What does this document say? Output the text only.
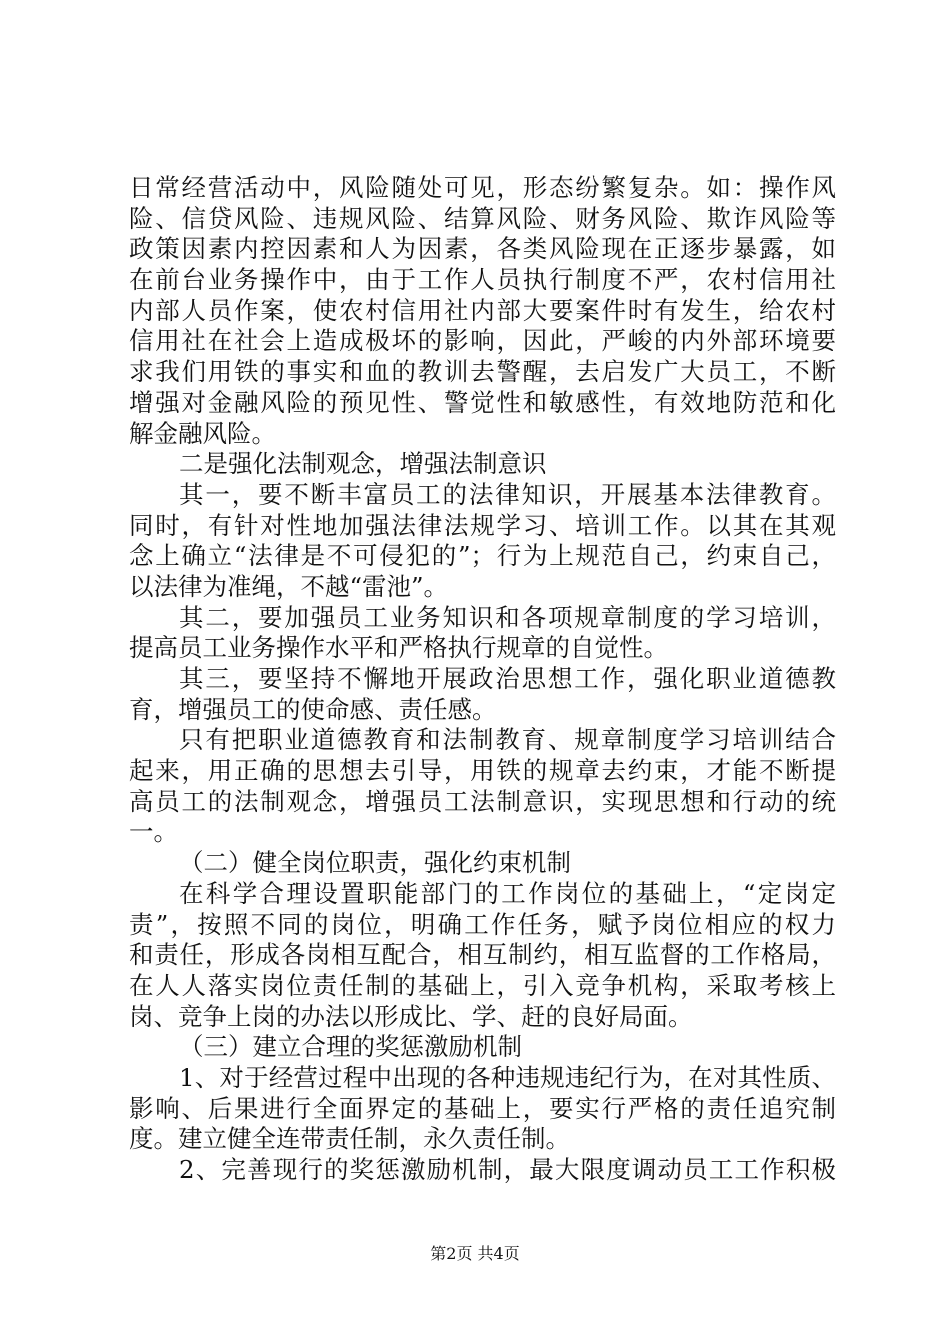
日常经营活动中，风险随处可见，形态纷繁复杂。如：操作风
险、信贷风险、违规风险、结算风险、财务风险、欺诈风险等
政策因素内控因素和人为因素，各类风险现在正逐步暴露，如
在前台业务操作中，由于工作人员执行制度不严，农村信用社
内部人员作案，使农村信用社内部大要案件时有发生，给农村
信用社在社会上造成极坏的影响，因此，严峻的内外部环境要
求我们用铁的事实和血的教训去警醒，去启发广大员工，不断
增强对金融风险的预见性、警觉性和敏感性，有效地防范和化
解金融风险。
二是强化法制观念，增强法制意识
其一，要不断丰富员工的法律知识，开展基本法律教育。
同时，有针对性地加强法律法规学习、培训工作。以其在其观
念上确立“法律是不可侵犯的”；行为上规范自己，约束自己，
以法律为准绳，不越“雷池”。
其二，要加强员工业务知识和各项规章制度的学习培训，
提高员工业务操作水平和严格执行规章的自觉性。
其三，要坚持不懈地开展政治思想工作，强化职业道德教
育，增强员工的使命感、责任感。
只有把职业道德教育和法制教育、规章制度学习培训结合
起来，用正确的思想去引导，用铁的规章去约束，才能不断提
高员工的法制观念，增强员工法制意识，实现思想和行动的统
一。
（二）健全岗位职责，强化约束机制
在科学合理设置职能部门的工作岗位的基础上，“定岗定
责”，按照不同的岗位，明确工作任务，赋予岗位相应的权力
和责任，形成各岗相互配合，相互制约，相互监督的工作格局，
在人人落实岗位责任制的基础上，引入竞争机构，采取考核上
岗、竞争上岗的办法以形成比、学、赶的良好局面。
（三）建立合理的奖惩激励机制
1、对于经营过程中出现的各种违规违纪行为，在对其性质、
影响、后果进行全面界定的基础上，要实行严格的责任追究制
度。建立健全连带责任制，永久责任制。
2、完善现行的奖惩激励机制，最大限度调动员工工作积极
第2页 共4页
